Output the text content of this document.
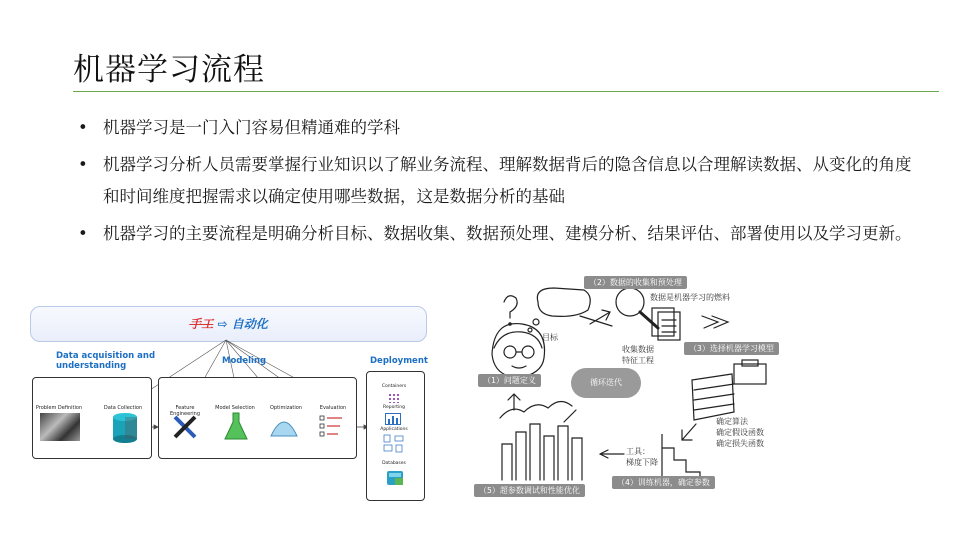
机器学习流程
• 机器学习是一门入门容易但精通难的学科
• 机器学习分析人员需要掌握行业知识以了解业务流程、理解数据背后的隐含信息以合理解读数据、从变化的角度和时间维度把握需求以确定使用哪些数据，这是数据分析的基础
• 机器学习的主要流程是明确分析目标、数据收集、数据预处理、建模分析、结果评估、部署使用以及学习更新。
手工 ⇨ 自动化
Data acquisition and understanding	Modeling	Deployment
Problem Definition	Data Collection	Feature Engineering
Model Selection	Optimization	Evaluation
Containers
Reporting
Applications
Databases
（2）数据的收集和预处理
（1）问题定义
（3）选择机器学习模型
（4）训练机器，确定参数
（5）超参数调试和性能优化
数据是机器学习的燃料
目标
收集数据
特征工程
确定算法
确定假设函数
确定损失函数
工具：
梯度下降
循环迭代
